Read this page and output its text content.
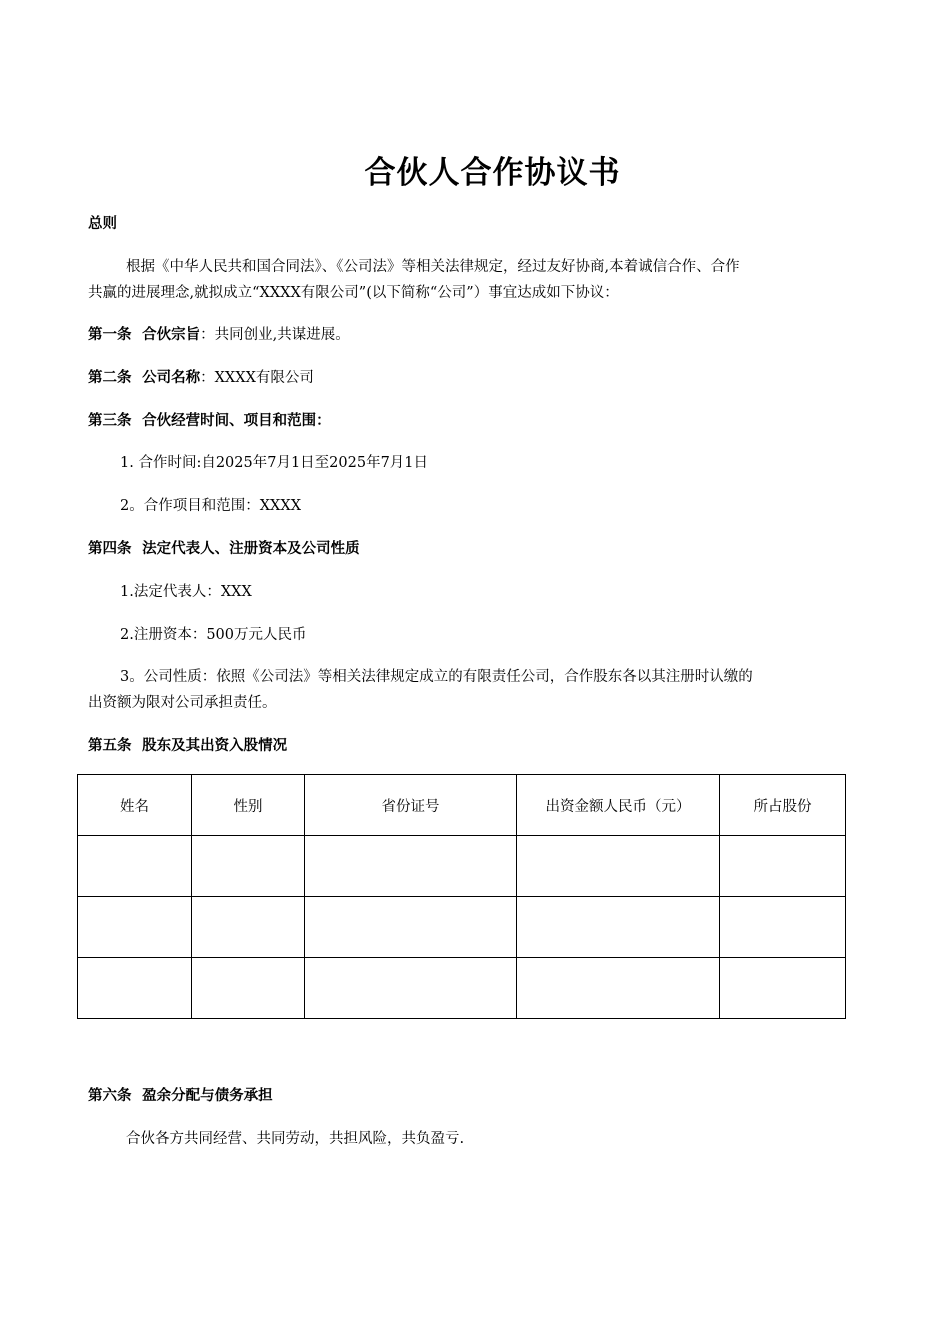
合伙人合作协议书
总则
根据《中华人民共和国合同法》、《公司法》等相关法律规定，经过友好协商,本着诚信合作、合作
共赢的进展理念,就拟成立“XXXX有限公司”(以下简称“公司”）事宜达成如下协议：
第一条 合伙宗旨：共同创业,共谋进展。
第二条 公司名称：XXXX有限公司
第三条 合伙经营时间、项目和范围：
1. 合作时间:自2025年7月1日至2025年7月1日
2。合作项目和范围：XXXX
第四条 法定代表人、注册资本及公司性质
1.法定代表人：XXX
2.注册资本：500万元人民币
3。公司性质：依照《公司法》等相关法律规定成立的有限责任公司，合作股东各以其注册时认缴的
出资额为限对公司承担责任。
第五条 股东及其出资入股情况
姓名	性别	省份证号	出资金额人民币（元）	所占股份

第六条 盈余分配与债务承担
合伙各方共同经营、共同劳动，共担风险，共负盈亏.
